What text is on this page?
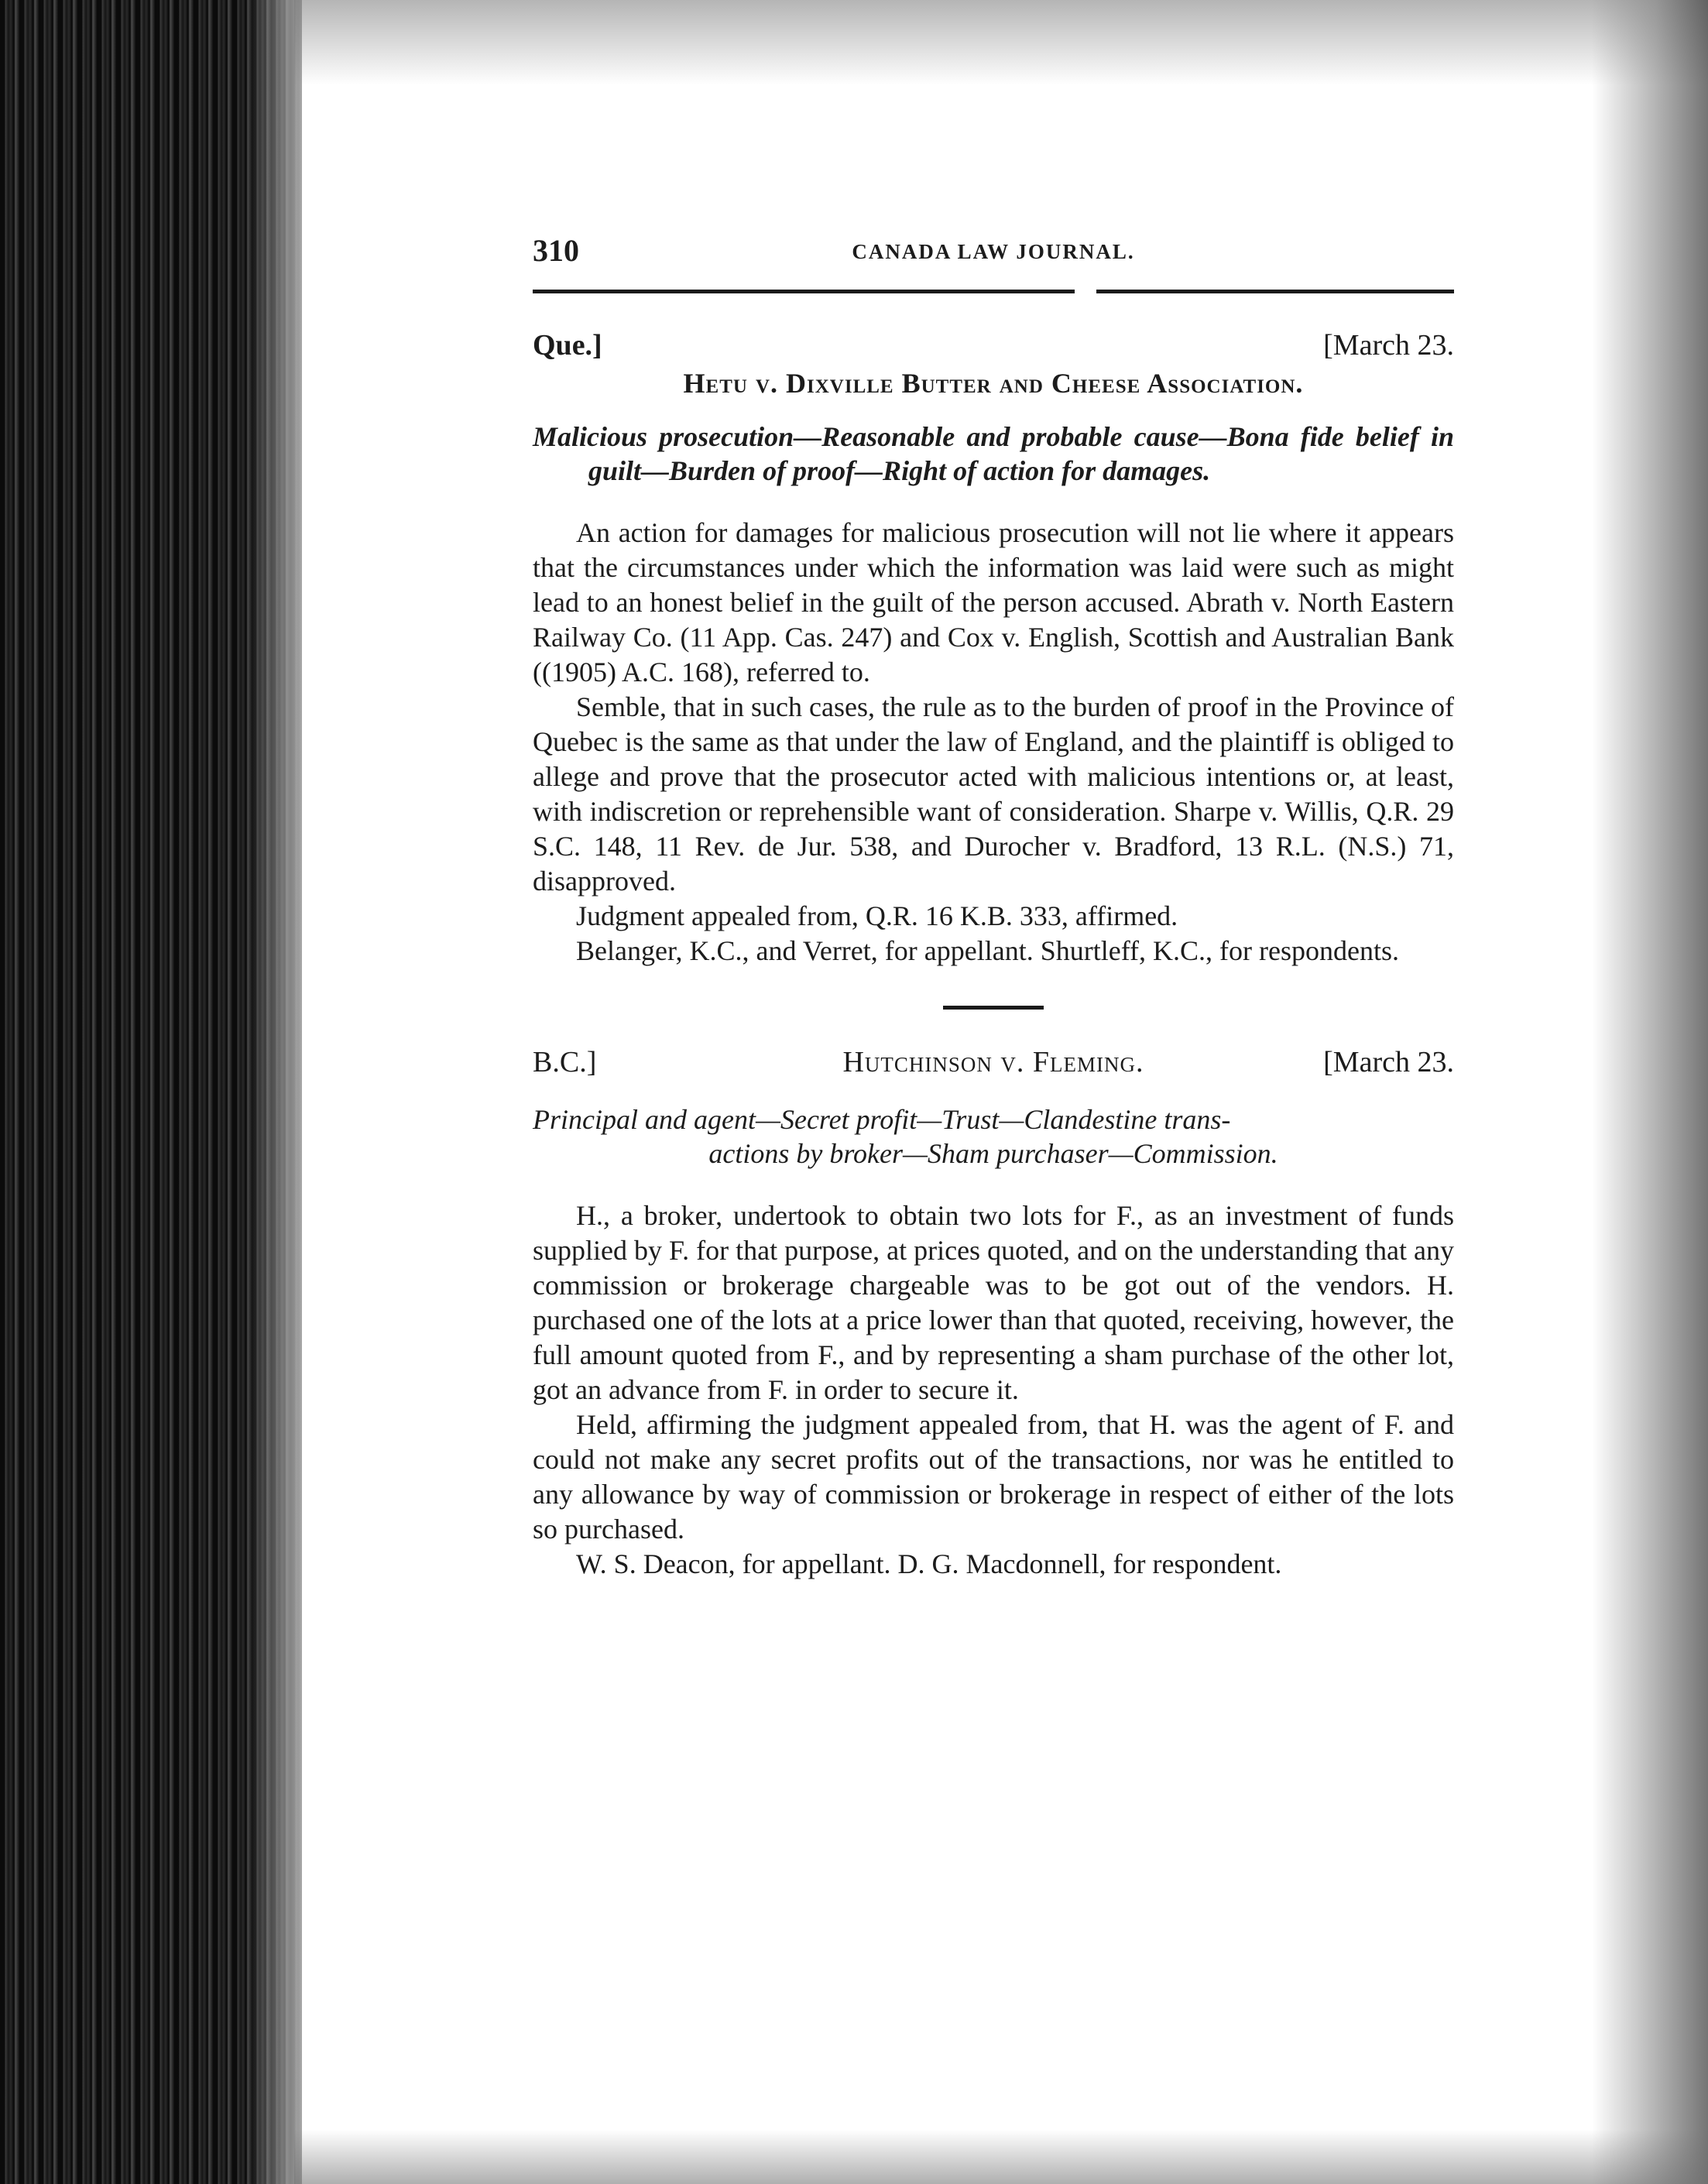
310	CANADA LAW JOURNAL.
Que.]	[March 23.
Hetu v. Dixville Butter and Cheese Association.

Malicious prosecution—Reasonable and probable cause—Bona fide belief in guilt—Burden of proof—Right of action for damages.

An action for damages for malicious prosecution will not lie where it appears that the circumstances under which the information was laid were such as might lead to an honest belief in the guilt of the person accused. Abrath v. North Eastern Railway Co. (11 App. Cas. 247) and Cox v. English, Scottish and Australian Bank ((1905) A.C. 168), referred to.

Semble, that in such cases, the rule as to the burden of proof in the Province of Quebec is the same as that under the law of England, and the plaintiff is obliged to allege and prove that the prosecutor acted with malicious intentions or, at least, with indiscretion or reprehensible want of consideration. Sharpe v. Willis, Q.R. 29 S.C. 148, 11 Rev. de Jur. 538, and Durocher v. Bradford, 13 R.L. (N.S.) 71, disapproved.

Judgment appealed from, Q.R. 16 K.B. 333, affirmed.

Belanger, K.C., and Verret, for appellant. Shurtleff, K.C., for respondents.

B.C.]	Hutchinson v. Fleming.	[March 23.

Principal and agent—Secret profit—Trust—Clandestine trans-

actions by broker—Sham purchaser—Commission.

H., a broker, undertook to obtain two lots for F., as an investment of funds supplied by F. for that purpose, at prices quoted, and on the understanding that any commission or brokerage chargeable was to be got out of the vendors. H. purchased one of the lots at a price lower than that quoted, receiving, however, the full amount quoted from F., and by representing a sham purchase of the other lot, got an advance from F. in order to secure it.

Held, affirming the judgment appealed from, that H. was the agent of F. and could not make any secret profits out of the transactions, nor was he entitled to any allowance by way of commission or brokerage in respect of either of the lots so purchased.

W. S. Deacon, for appellant. D. G. Macdonnell, for respondent.
